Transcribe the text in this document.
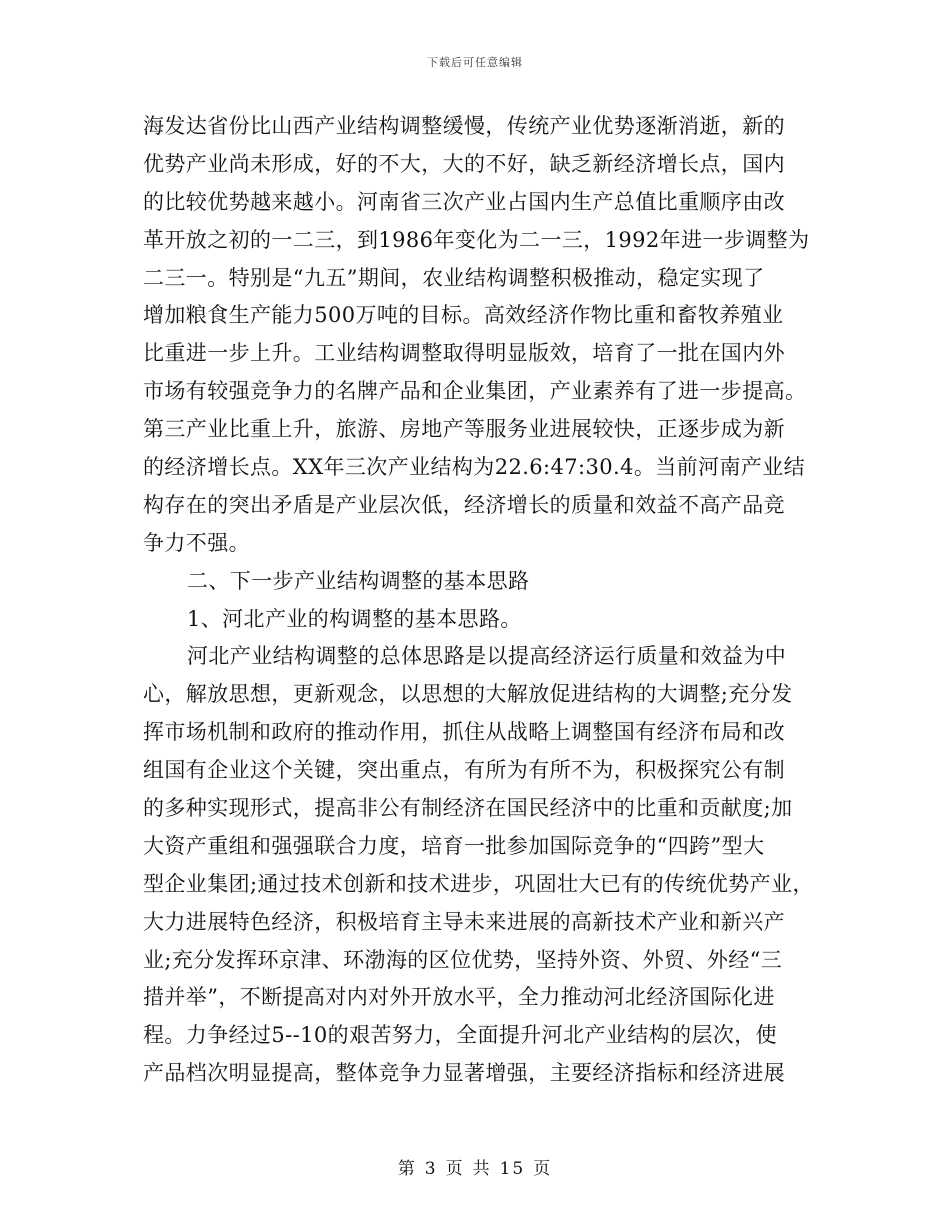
下载后可任意编辑
海发达省份比山西产业结构调整缓慢，传统产业优势逐渐消逝，新的
优势产业尚未形成，好的不大，大的不好，缺乏新经济增长点，国内
的比较优势越来越小。河南省三次产业占国内生产总值比重顺序由改
革开放之初的一二三，到1986年变化为二一三，1992年进一步调整为
二三一。特别是“九五”期间，农业结构调整积极推动，稳定实现了
增加粮食生产能力500万吨的目标。高效经济作物比重和畜牧养殖业
比重进一步上升。工业结构调整取得明显版效，培育了一批在国内外
市场有较强竞争力的名牌产品和企业集团，产业素养有了进一步提高。
第三产业比重上升，旅游、房地产等服务业进展较快，正逐步成为新
的经济增长点。XX年三次产业结构为22.6:47:30.4。当前河南产业结
构存在的突出矛盾是产业层次低，经济增长的质量和效益不高产品竞
争力不强。
二、下一步产业结构调整的基本思路
1、河北产业的构调整的基本思路。
河北产业结构调整的总体思路是以提高经济运行质量和效益为中
心，解放思想，更新观念，以思想的大解放促进结构的大调整;充分发
挥市场机制和政府的推动作用，抓住从战略上调整国有经济布局和改
组国有企业这个关键，突出重点，有所为有所不为，积极探究公有制
的多种实现形式，提高非公有制经济在国民经济中的比重和贡献度;加
大资产重组和强强联合力度，培育一批参加国际竞争的“四跨”型大
型企业集团;通过技术创新和技术进步，巩固壮大已有的传统优势产业，
大力进展特色经济，积极培育主导未来进展的高新技术产业和新兴产
业;充分发挥环京津、环渤海的区位优势，坚持外资、外贸、外经“三
措并举”，不断提高对内对外开放水平，全力推动河北经济国际化进
程。力争经过5--10的艰苦努力，全面提升河北产业结构的层次，使
产品档次明显提高，整体竞争力显著增强，主要经济指标和经济进展
第 3 页 共 15 页
